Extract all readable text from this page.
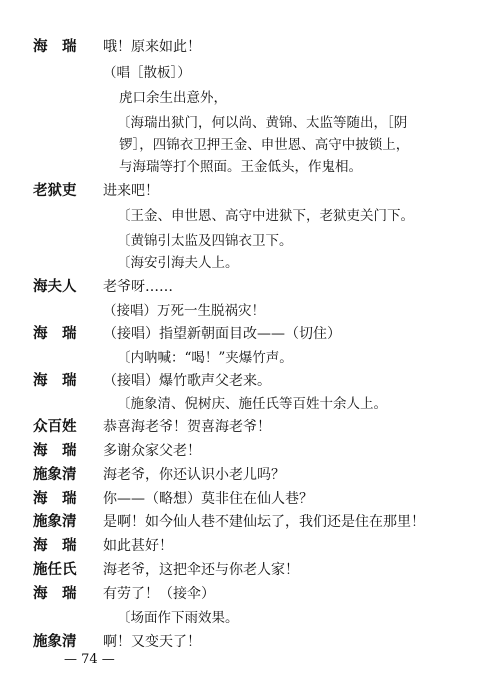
海　瑞 哦！原来如此！
（唱［散板］）
虎口余生出意外，
〔海瑞出狱门，何以尚、黄锦、太监等随出，［阴
锣］，四锦衣卫押王金、申世恩、高守中披锁上，
与海瑞等打个照面。王金低头，作鬼相。
老狱吏 进来吧！
〔王金、申世恩、高守中进狱下，老狱吏关门下。
〔黄锦引太监及四锦衣卫下。
〔海安引海夫人上。
海夫人 老爷呀……
（接唱）万死一生脱祸灾！
海　瑞 （接唱）指望新朝面目改——（切住）
〔内呐喊：“喝！”夹爆竹声。
海　瑞 （接唱）爆竹歌声父老来。
〔施象清、倪树庆、施任氏等百姓十余人上。
众百姓 恭喜海老爷！贺喜海老爷！
海　瑞 多谢众家父老！
施象清 海老爷，你还认识小老儿吗？
海　瑞 你——（略想）莫非住在仙人巷？
施象清 是啊！如今仙人巷不建仙坛了，我们还是住在那里！
海　瑞 如此甚好！
施任氏 海老爷，这把伞还与你老人家！
海　瑞 有劳了！（接伞）
〔场面作下雨效果。
施象清 啊！又变天了！
— 74 —
